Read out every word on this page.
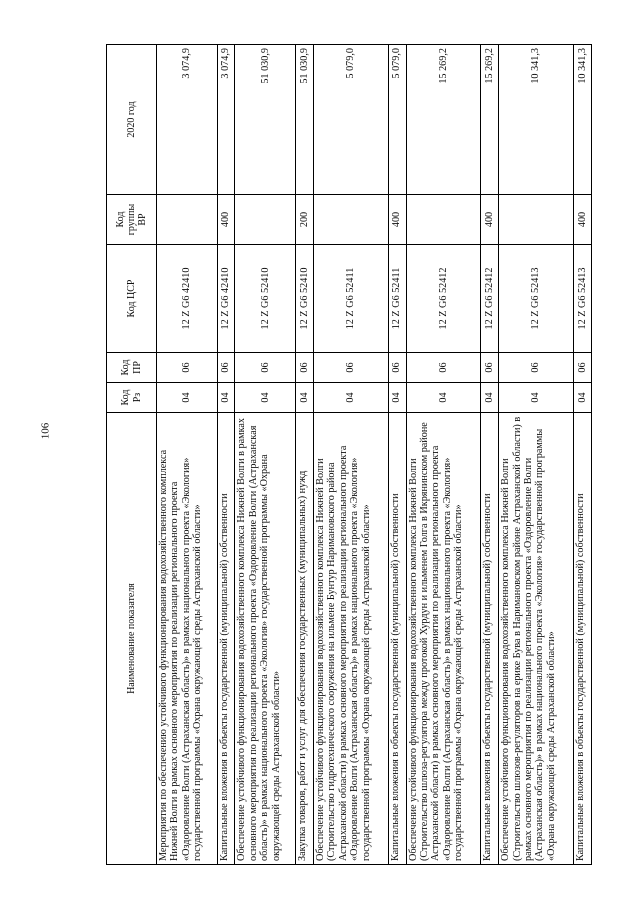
106
Наименование показателя	Код Рз	Код ПР	Код ЦСР	Код группы ВР	2020 год
Мероприятия по обеспечению устойчивого функционирования водохозяйственного комплекса Нижней Волги в рамках основного мероприятия по реализации регионального проекта «Оздоровление Волги (Астраханская область)» в рамках национального проекта «Экология» государственной программы «Охрана окружающей среды Астраханской области»	04	06	12 Z G6 42410		3 074,9
Капитальные вложения в объекты государственной (муниципальной) собственности	04	06	12 Z G6 42410	400	3 074,9
Обеспечение устойчивого функционирования водохозяйственного комплекса Нижней Волги в рамках основного мероприятия по реализации регионального проекта «Оздоровление Волги (Астраханская область)» в рамках национального проекта «Экология» государственной программы «Охрана окружающей среды Астраханской области»	04	06	12 Z G6 52410		51 030,9
Закупка товаров, работ и услуг для обеспечения государственных (муниципальных) нужд	04	06	12 Z G6 52410	200	51 030,9
Обеспечение устойчивого функционирования водохозяйственного комплекса Нижней Волги (Строительство гидротехнического сооружения на ильмене Бунтур Наримановского района Астраханской области) в рамках основного мероприятия по реализации регионального проекта «Оздоровление Волги (Астраханская область)» в рамках национального проекта «Экология» государственной программы «Охрана окружающей среды Астраханской области»	04	06	12 Z G6 52411		5 079,0
Капитальные вложения в объекты государственной (муниципальной) собственности	04	06	12 Z G6 52411	400	5 079,0
Обеспечение устойчивого функционирования водохозяйственного комплекса Нижней Волги (Строительство шлюза-регулятора между протокой Хурдун и ильменем Голга в Икрянинском районе Астраханской области) в рамках основного мероприятия по реализации регионального проекта «Оздоровление Волги (Астраханская область)» в рамках национального проекта «Экология» государственной программы «Охрана окружающей среды Астраханской области»	04	06	12 Z G6 52412		15 269,2
Капитальные вложения в объекты государственной (муниципальной) собственности	04	06	12 Z G6 52412	400	15 269,2
Обеспечение устойчивого функционирования водохозяйственного комплекса Нижней Волги (Строительство шлюзов-регуляторов на ерике Бува в Наримановском районе Астраханской области) в рамках основного мероприятия по реализации регионального проекта «Оздоровление Волги (Астраханская область)» в рамках национального проекта «Экология» государственной программы «Охрана окружающей среды Астраханской области»	04	06	12 Z G6 52413		10 341,3
Капитальные вложения в объекты государственной (муниципальной) собственности	04	06	12 Z G6 52413	400	10 341,3
